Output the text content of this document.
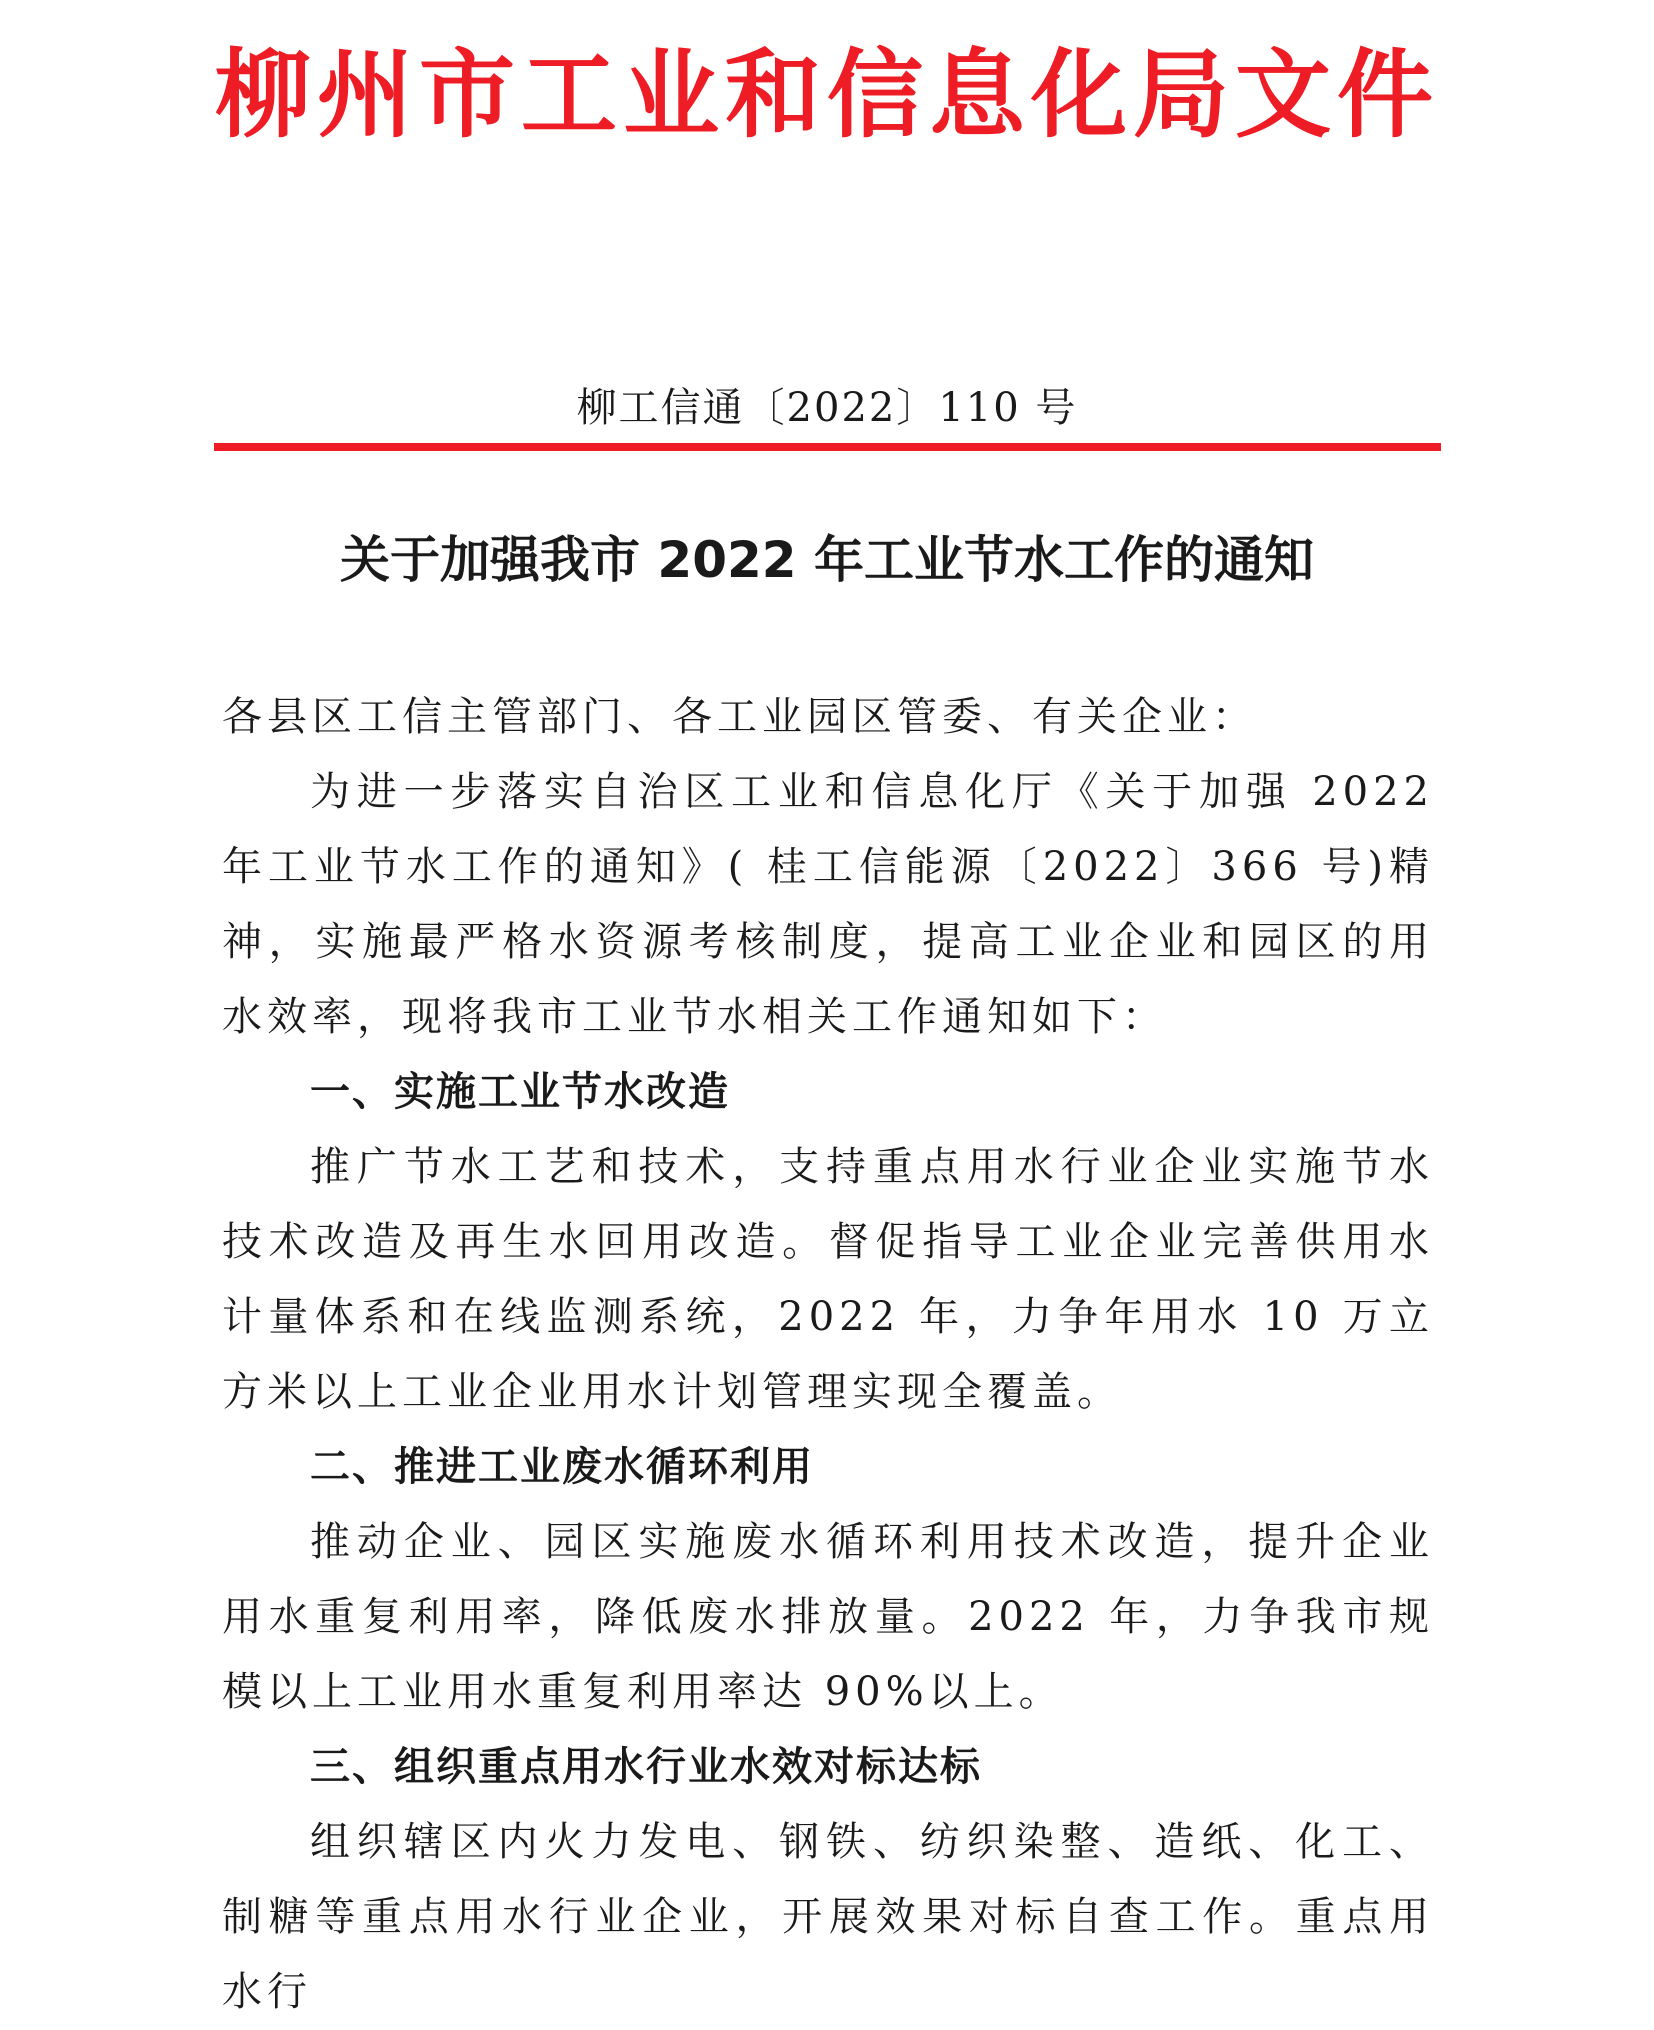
柳州市工业和信息化局文件
柳工信通〔2022〕110 号
关于加强我市 2022 年工业节水工作的通知

各县区工信主管部门、各工业园区管委、有关企业：

为进一步落实自治区工业和信息化厅《关于加强 2022 年工业节水工作的通知》( 桂工信能源〔2022〕366 号)精神，实施最严格水资源考核制度，提高工业企业和园区的用水效率，现将我市工业节水相关工作通知如下：

一、实施工业节水改造

推广节水工艺和技术，支持重点用水行业企业实施节水技术改造及再生水回用改造。督促指导工业企业完善供用水计量体系和在线监测系统，2022 年，力争年用水 10 万立方米以上工业企业用水计划管理实现全覆盖。

二、推进工业废水循环利用

推动企业、园区实施废水循环利用技术改造，提升企业用水重复利用率，降低废水排放量。2022 年，力争我市规模以上工业用水重复利用率达 90%以上。

三、组织重点用水行业水效对标达标

组织辖区内火力发电、钢铁、纺织染整、造纸、化工、制糖等重点用水行业企业，开展效果对标自查工作。重点用水行
